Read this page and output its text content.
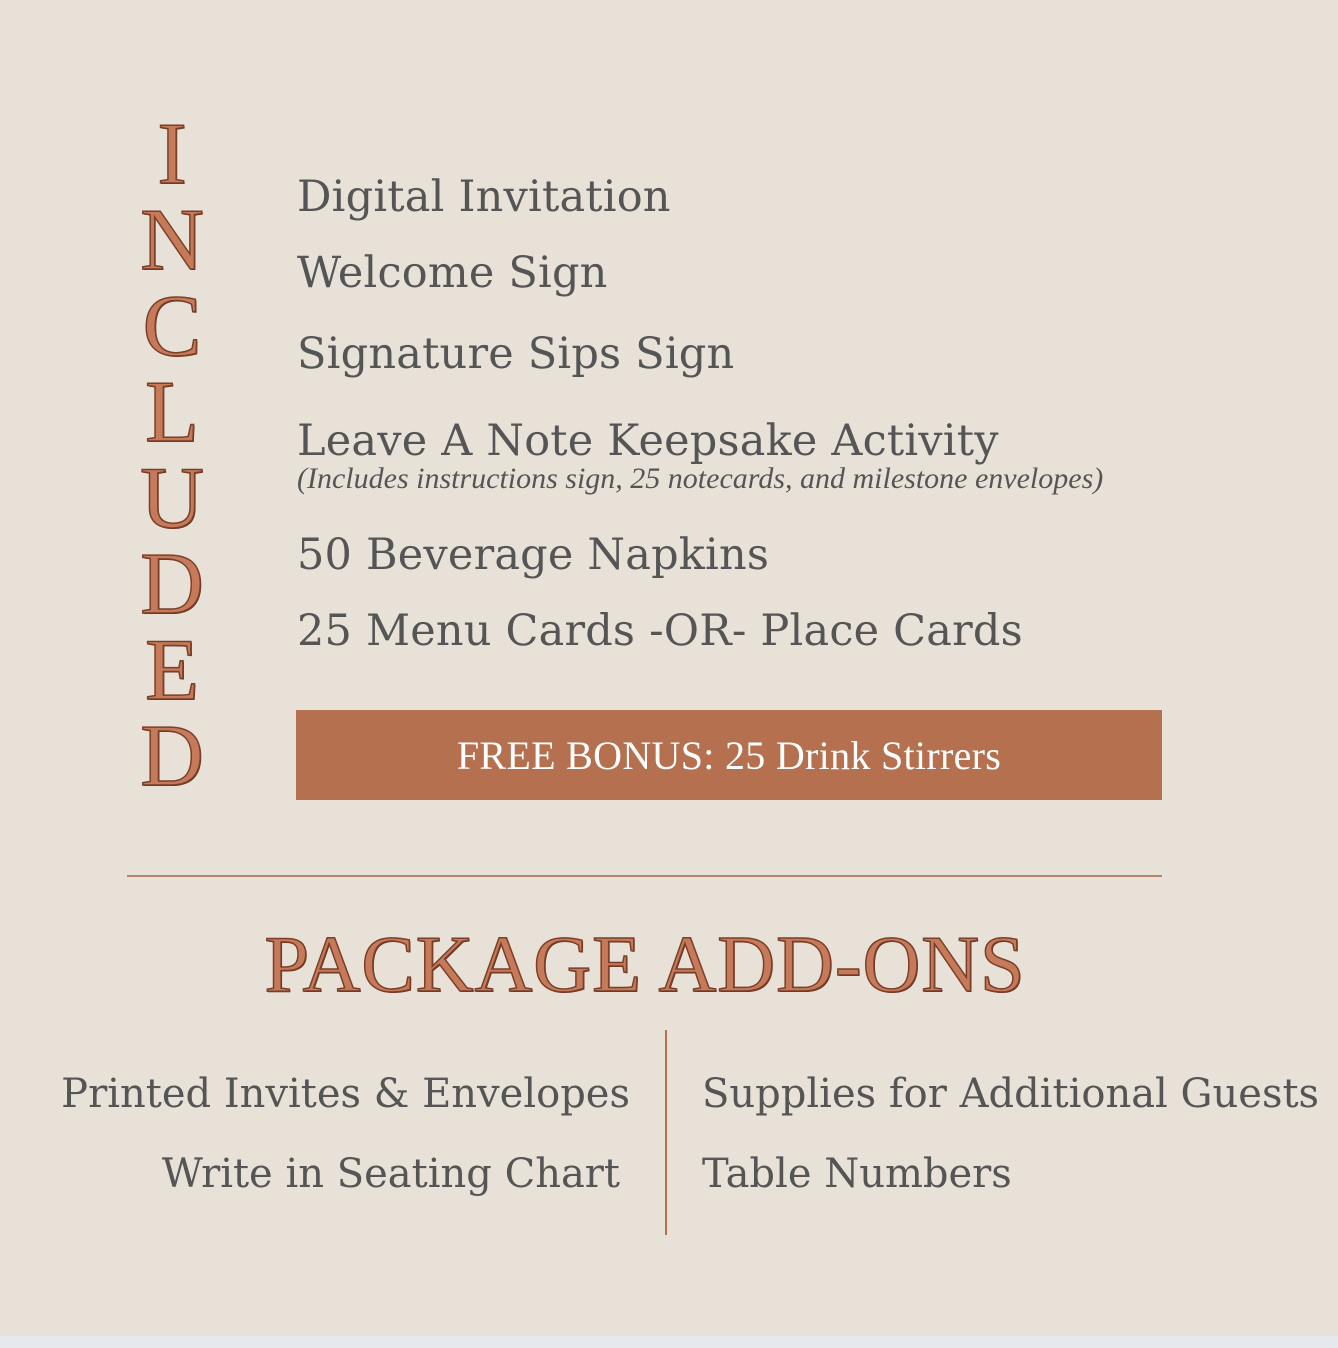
I
N
C
L
U
D
E
D
Digital Invitation
Welcome Sign
Signature Sips Sign
Leave A Note Keepsake Activity
(Includes instructions sign, 25 notecards, and milestone envelopes)
50 Beverage Napkins
25 Menu Cards -OR- Place Cards
FREE BONUS: 25 Drink Stirrers
PACKAGE ADD-ONS
Printed Invites & Envelopes
Write in Seating Chart
Supplies for Additional Guests
Table Numbers
